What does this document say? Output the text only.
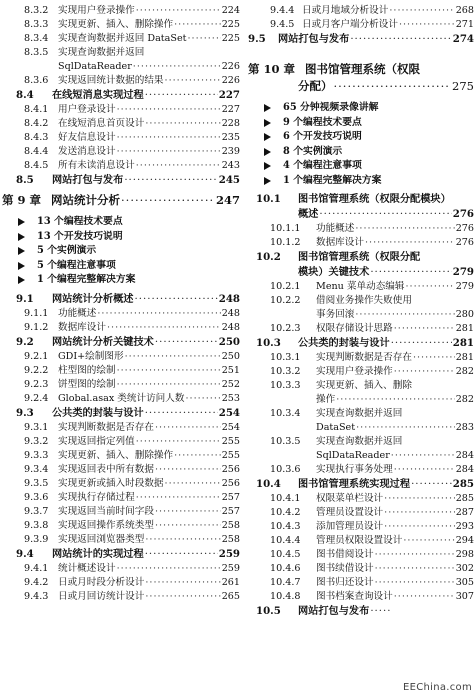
8.3.2 实现用户登录操作 ·····	224
8.3.3 实现更新、插入、删除操作 ·····	225
8.3.4 实现查询数据并返回 DataSet ·····	225
8.3.5 实现查询数据并返回
SqlDataReader ·····	226
8.3.6 实现返回统计数据的结果 ·····	226
8.4	在线短消息实现过程 ·····	227
8.4.1 用户登录设计 ·····	227
8.4.2 在线短消息首页设计 ·····	228
8.4.3 好友信息设计 ·····	235
8.4.4 发送消息设计 ·····	239
8.4.5 所有未读消息设计 ·····	243
8.5	网站打包与发布 ·····	245
第 9 章 网站统计分析 ·····	247
13 个编程技术要点
13 个开发技巧说明
5 个实例演示
5 个编程注意事项
1 个编程完整解决方案
9.1	网站统计分析概述 ·····	248
9.1.1 功能概述 ·····	248
9.1.2 数据库设计 ·····	248
9.2	网站统计分析关键技术 ·····	250
9.2.1 GDI+绘制图形 ·····	250
9.2.2 柱型图的绘制 ·····	251
9.2.3 饼型图的绘制 ·····	252
9.2.4 Global.asax 类统计访问人数 ·····	253
9.3	公共类的封装与设计 ·····	254
9.3.1 实现判断数据是否存在 ·····	254
9.3.2 实现返回指定列值 ·····	255
9.3.3 实现更新、插入、删除操作 ·····	255
9.3.4 实现返回表中所有数据 ·····	256
9.3.5 实现更新或插入时段数据 ·····	256
9.3.6 实现执行存储过程 ·····	257
9.3.7 实现返回当前时间字段 ·····	257
9.3.8 实现返回操作系统类型 ·····	258
9.3.9 实现返回浏览器类型 ·····	258
9.4	网站统计的实现过程 ·····	259
9.4.1 统计概述设计 ·····	259
9.4.2 日或月时段分析设计 ·····	261
9.4.3 日或月回访统计设计 ·····	265
9.4.4 日或月地域分析设计 ·····	268
9.4.5 日或月客户端分析设计 ·····	271
9.5	网站打包与发布 ·····	274
第 10 章 图书馆管理系统（权限
分配） ·····	275
65 分钟视频录像讲解
9 个编程技术要点
6 个开发技巧说明
8 个实例演示
4 个编程注意事项
1 个编程完整解决方案
10.1	图书馆管理系统（权限分配模块）
概述 ·····	276
10.1.1	功能概述 ·····	276
10.1.2	数据库设计 ·····	276
10.2	图书馆管理系统（权限分配
模块）关键技术 ·····	279
10.2.1	Menu 菜单动态编辑 ·····	279
10.2.2	借阅业务操作失败使用
事务回滚 ·····	280
10.2.3	权限存储设计思路 ·····	281
10.3	公共类的封装与设计 ·····	281
10.3.1	实现判断数据是否存在 ·····	281
10.3.2	实现用户登录操作 ·····	282
10.3.3	实现更新、插入、删除
操作 ·····	282
10.3.4	实现查询数据并返回
DataSet ·····	283
10.3.5	实现查询数据并返回
SqlDataReader ·····	284
10.3.6	实现执行事务处理 ·····	284
10.4	图书馆管理系统实现过程 ·····	285
10.4.1	权限菜单栏设计 ·····	285
10.4.2	管理员设置设计 ·····	287
10.4.3	添加管理员设计 ·····	293
10.4.4	管理员权限设置设计 ·····	294
10.4.5	图书借阅设计 ·····	298
10.4.6	图书续借设计 ·····	302
10.4.7	图书归还设计 ·····	305
10.4.8	图书档案查询设计 ·····	307
10.5	网站打包与发布
·····
EEChina.com
